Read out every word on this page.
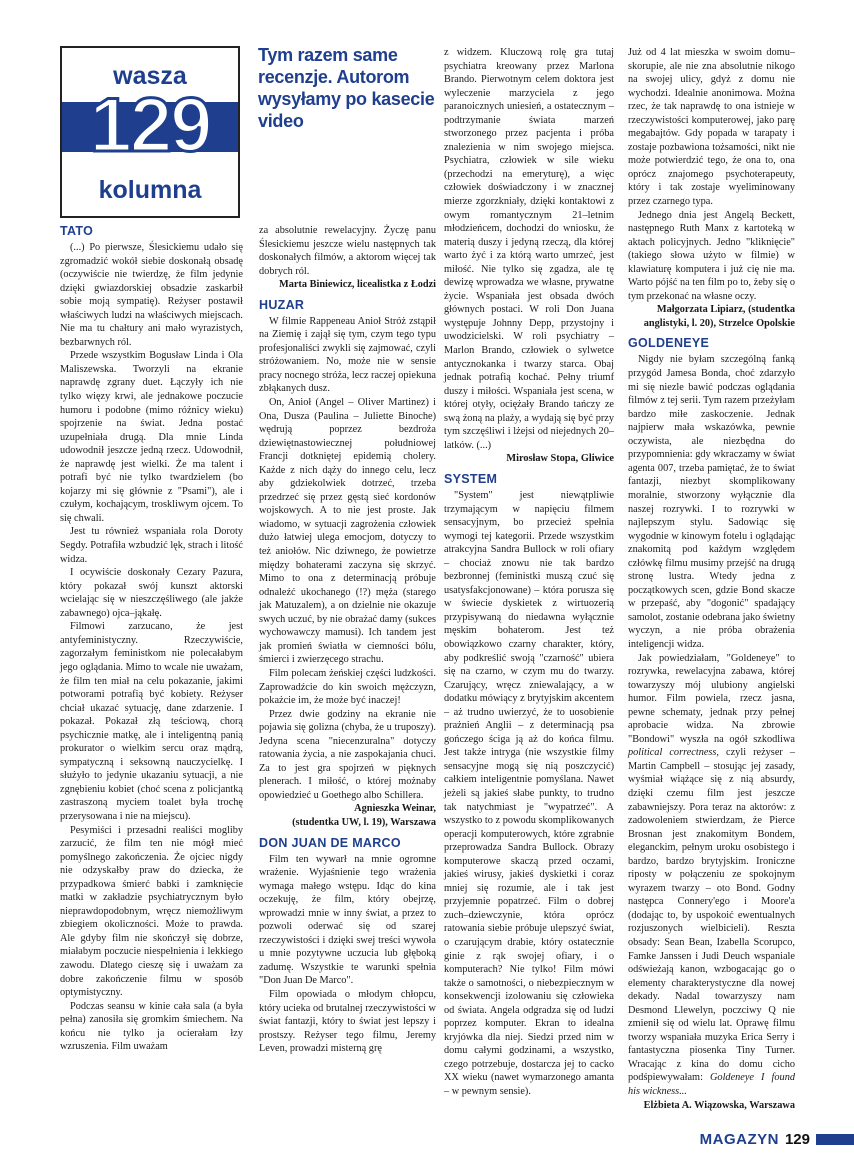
wasza
129
kolumna
Tym razem same recenzje. Autorom wysyłamy po kasecie video
TATO

(...) Po pierwsze, Ślesickiemu udało się zgromadzić wokół siebie doskonałą obsadę (oczywiście nie twierdzę, że film jedynie dzięki gwiazdorskiej obsadzie zaskarbił sobie moją sympatię). Reżyser postawił właściwych ludzi na właściwych miejscach. Nie ma tu chałtury ani mało wyrazistych, bezbarwnych ról.

Przede wszystkim Bogusław Linda i Ola Maliszewska. Tworzyli na ekranie naprawdę zgrany duet. Łączyły ich nie tylko więzy krwi, ale jednakowe poczucie humoru i podobne (mimo różnicy wieku) spojrzenie na świat. Jedna postać uzupełniała drugą. Dla mnie Linda udowodnił jeszcze jedną rzecz. Udowodnił, że naprawdę jest wielki. Że ma talent i potrafi być nie tylko twardzielem (bo kojarzy mi się głównie z "Psami"), ale i czułym, kochającym, troskliwym ojcem. To się chwali.

Jest tu również wspaniała rola Doroty Segdy. Potrafiła wzbudzić lęk, strach i litość widza.

I ocywiście doskonały Cezary Pazura, który pokazał swój kunszt aktorski wcielając się w nieszczęśliwego (ale jakże zabawnego) ojca–jąkałę.

Filmowi zarzucano, że jest antyfeministyczny. Rzeczywiście, zagorzałym feministkom nie polecałabym jego oglądania. Mimo to wcale nie uważam, że film ten miał na celu pokazanie, jakimi potworami potrafią być kobiety. Reżyser chciał ukazać sytuację, dane zdarzenie. I pokazał. Pokazał złą teściową, chorą psychicznie matkę, ale i inteligentną panią prokurator o wielkim sercu oraz mądrą, sympatyczną i seksowną nauczycielkę. I służyło to jedynie ukazaniu sytuacji, a nie zgnębieniu kobiet (choć scena z policjantką zastraszoną myciem toalet była trochę przerysowana i nie na miejscu).

Pesymiści i przesadni realiści mogliby zarzucić, że film ten nie mógł mieć pomyślnego zakończenia. Że ojciec nigdy nie odzyskałby praw do dziecka, że przypadkowa śmierć babki i zamknięcie matki w zakładzie psychiatrycznym było nieprawdopodobnym, wręcz niemożliwym zbiegiem okoliczności. Może to prawda. Ale gdyby film nie skończył się dobrze, miałabym poczucie niespełnienia i lekkiego zawodu. Dlatego cieszę się i uważam za dobre zakończenie filmu w sposób optymistyczny.

Podczas seansu w kinie cała sala (a była pełna) zanosiła się gromkim śmiechem. Na końcu nie tylko ja ocierałam łzy wzruszenia. Film uważam

za absolutnie rewelacyjny. Życzę panu Ślesickiemu jeszcze wielu następnych tak doskonałych filmów, a aktorom więcej tak dobrych ról.

Marta Biniewicz, licealistka z Łodzi

HUZAR

W filmie Rappeneau Anioł Stróż zstąpił na Ziemię i zajął się tym, czym tego typu profesjonaliści zwykli się zajmować, czyli stróżowaniem. No, może nie w sensie pracy nocnego stróża, lecz raczej opiekuna zbłąkanych dusz.

On, Anioł (Angel – Oliver Martinez) i Ona, Dusza (Paulina – Juliette Binoche) wędrują poprzez bezdroża dziewiętnastowiecznej południowej Francji dotkniętej epidemią cholery. Każde z nich dąży do innego celu, lecz aby gdziekolwiek dotrzeć, trzeba przedrzeć się przez gęstą sieć kordonów wojskowych. A to nie jest proste. Jak wiadomo, w sytuacji zagrożenia człowiek dużo łatwiej ulega emocjom, dotyczy to też aniołów. Nic dziwnego, że powietrze między bohaterami zaczyna się skrzyć. Mimo to ona z determinacją próbuje odnaleźć ukochanego (!?) męża (starego jak Matuzalem), a on dzielnie nie okazuje swych uczuć, by nie obrażać damy (sukces wychowawczy mamusi). Ich tandem jest jak promień światła w ciemności bólu, śmierci i zwierzęcego strachu.

Film polecam żeńskiej części ludzkości. Zaprowadźcie do kin swoich mężczyzn, pokażcie im, że może być inaczej!

Przez dwie godziny na ekranie nie pojawia się golizna (chyba, że u truposzy). Jedyna scena "niecenzuralna" dotyczy ratowania życia, a nie zaspokajania chuci. Za to jest gra spojrzeń w pięknych plenerach. I miłość, o której możnaby opowiedzieć u Goethego albo Schillera.

Agnieszka Weinar,

(studentka UW, l. 19), Warszawa

DON JUAN DE MARCO

Film ten wywarł na mnie ogromne wrażenie. Wyjaśnienie tego wrażenia wymaga małego wstępu. Idąc do kina oczekuję, że film, który obejrzę, wprowadzi mnie w inny świat, a przez to pozwoli oderwać się od szarej rzeczywistości i dzięki swej treści wywoła u mnie pozytywne uczucia lub głęboką zadumę. Wszystkie te warunki spełnia "Don Juan De Marco".

Film opowiada o młodym chłopcu, który ucieka od brutalnej rzeczywistości w świat fantazji, który to świat jest lepszy i prostszy. Reżyser tego filmu, Jeremy Leven, prowadzi misterną grę

z widzem. Kluczową rolę gra tutaj psychiatra kreowany przez Marlona Brando. Pierwotnym celem doktora jest wyleczenie marzyciela z jego paranoicznych uniesień, a ostatecznym – podtrzymanie świata marzeń stworzonego przez pacjenta i próba znalezienia w nim swojego miejsca. Psychiatra, człowiek w sile wieku (przechodzi na emeryturę), a więc człowiek doświadczony i w znacznej mierze zgorzkniały, dzięki kontaktowi z owym romantycznym 21–letnim młodzieńcem, dochodzi do wniosku, że materią duszy i jedyną rzeczą, dla której warto żyć i za którą warto umrzeć, jest miłość. Nie tylko się zgadza, ale tę dewizę wprowadza we własne, prywatne życie. Wspaniała jest obsada dwóch głównych postaci. W roli Don Juana występuje Johnny Depp, przystojny i uwodzicielski. W roli psychiatry – Marlon Brando, człowiek o sylwetce antycznokanka i twarzy starca. Obaj jednak potrafią kochać. Pełny triumf duszy i miłości. Wspaniała jest scena, w której otyły, ociężały Brando tańczy ze swą żoną na plaży, a wydają się być przy tym szczęśliwi i lżejsi od niejednych 20–latków. (...)

Mirosław Stopa, Gliwice

SYSTEM

"System" jest niewątpliwie trzymającym w napięciu filmem sensacyjnym, bo przecież spełnia wymogi tej kategorii. Przede wszystkim atrakcyjna Sandra Bullock w roli ofiary – chociaż znowu nie tak bardzo bezbronnej (feministki muszą czuć się usatysfakcjonowane) – która porusza się w świecie dyskietek z wirtuozerią przypisywaną do niedawna wyłącznie męskim bohaterom. Jest też obowiązkowo czarny charakter, który, aby podkreślić swoją "czarność" ubiera się na czarno, w czym mu do twarzy. Czarujący, wręcz zniewalający, a w dodatku mówiący z brytyjskim akcentem – aż trudno uwierzyć, że to uosobienie prażnień Anglii – z determinacją psa gończego ściga ją aż do końca filmu. Jest także intryga (nie wszystkie filmy sensacyjne mogą się nią poszczycić) całkiem inteligentnie pomyślana. Nawet jeżeli są jakieś słabe punkty, to trudno tak natychmiast je "wypatrzeć". A wszystko to z powodu skomplikowanych operacji komputerowych, które zgrabnie przeprowadza Sandra Bullock. Obrazy komputerowe skaczą przed oczami, jakieś wirusy, jakieś dyskietki i coraz mniej się rozumie, ale i tak jest przyjemnie popatrzeć. Film o dobrej zuch–dziewczynie, która oprócz ratowania siebie próbuje ulepszyć świat, o czarującym drabie, który ostatecznie ginie z rąk swojej ofiary, i o komputerach? Nie tylko! Film mówi także o samotności, o niebezpiecznym w konsekwencji izolowaniu się człowieka od świata. Angela odgradza się od ludzi poprzez komputer. Ekran to idealna kryjówka dla niej. Siedzi przed nim w domu całymi godzinami, a wszystko, czego potrzebuje, dostarcza jej to cacko XX wieku (nawet wymarzonego amanta – w pewnym sensie).

Już od 4 lat mieszka w swoim domu–skorupie, ale nie zna absolutnie nikogo na swojej ulicy, gdyż z domu nie wychodzi. Idealnie anonimowa. Można rzec, że tak naprawdę to ona istnieje w rzeczywistości komputerowej, jako parę megabajtów. Gdy popada w tarapaty i zostaje pozbawiona tożsamości, nikt nie może potwierdzić tego, że ona to, ona oprócz znajomego psychoterapeuty, który i tak zostaje wyeliminowany przez czarnego typa.

Jednego dnia jest Angelą Beckett, następnego Ruth Manx z kartoteką w aktach policyjnych. Jedno "kliknięcie" (takiego słowa użyto w filmie) w klawiaturę komputera i już cię nie ma. Warto pójść na ten film po to, żeby się o tym przekonać na własne oczy.

Małgorzata Lipiarz, (studentka

anglistyki, l. 20), Strzelce Opolskie

GOLDENEYE

Nigdy nie byłam szczególną fanką przygód Jamesa Bonda, choć zdarzyło mi się niezle bawić podczas oglądania filmów z tej serii. Tym razem przeżyłam bardzo miłe zaskoczenie. Jednak najpierw mała wskazówka, pewnie oczywista, ale niezbędna do przypomnienia: gdy wkraczamy w świat agenta 007, trzeba pamiętać, że to świat fantazji, niezbyt skomplikowany moralnie, stworzony wyłącznie dla naszej rozrywki. I to rozrywki w najlepszym stylu. Sadowiąc się wygodnie w kinowym fotelu i oglądając znakomitą pod każdym względem człówkę filmu musimy przejść na drugą stronę lustra. Wtedy jedna z początkowych scen, gdzie Bond skacze w przepaść, aby "dogonić" spadający samolot, zostanie odebrana jako świetny wyczyn, a nie próba obrażenia inteligencji widza.

Jak powiedziałam, "Goldeneye" to rozrywka, rewelacyjna zabawa, której towarzyszy mój ulubiony angielski humor. Film powiela, rzecz jasna, pewne schematy, jednak przy pełnej aprobacie widza. Na zbrowie "Bondowi" wyszła na ogół szkodliwa political correctness, czyli reżyser – Martin Campbell – stosując jej zasady, wyśmiał wiążące się z nią absurdy, dzięki czemu film jest jeszcze zabawniejszy. Pora teraz na aktorów: z zadowoleniem stwierdzam, że Pierce Brosnan jest znakomitym Bondem, eleganckim, pełnym uroku osobistego i bardzo, bardzo brytyjskim. Ironiczne riposty w połączeniu ze spokojnym wyrazem twarzy – oto Bond. Godny następca Connery'ego i Moore'a (dodając to, by uspokoić ewentualnych rozjuszonych wielbicieli). Reszta obsady: Sean Bean, Izabella Scorupco, Famke Janssen i Judi Deuch wspaniale odświeżają kanon, wzbogacając go o elementy charakterystyczne dla nowej dekady. Nadal towarzyszy nam Desmond Llewelyn, poczciwy Q nie zmienił się od wielu lat. Oprawę filmu tworzy wspaniała muzyka Erica Serry i fantastyczna piosenka Tiny Turner. Wracając z kina do domu cicho podśpiewywałam: Goldeneye I found his wickness...

Elżbieta A. Wiązowska, Warszawa

MAGAZYN 129
